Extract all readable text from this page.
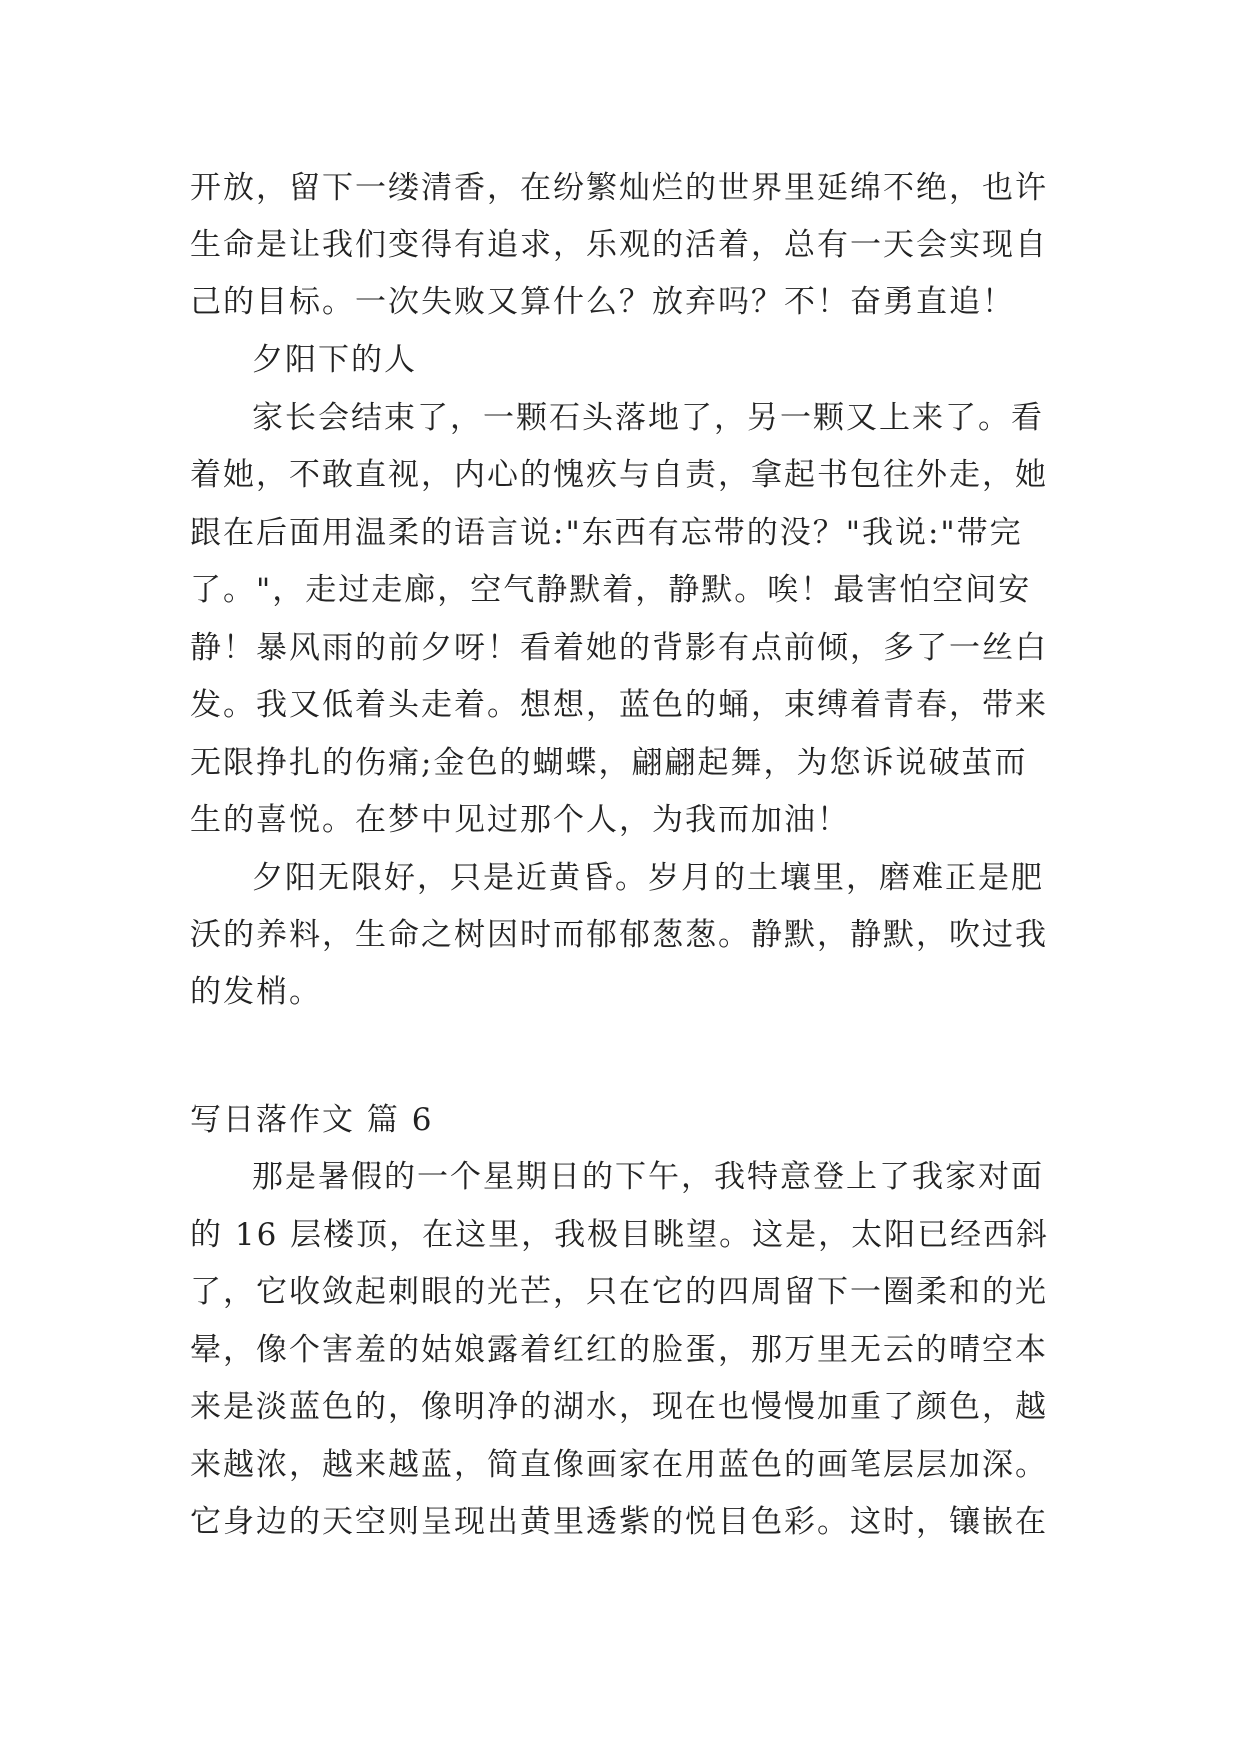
开放，留下一缕清香，在纷繁灿烂的世界里延绵不绝，也许
生命是让我们变得有追求，乐观的活着，总有一天会实现自
己的目标。一次失败又算什么？放弃吗？不！奋勇直追！
夕阳下的人
家长会结束了，一颗石头落地了，另一颗又上来了。看
着她，不敢直视，内心的愧疚与自责，拿起书包往外走，她
跟在后面用温柔的语言说:"东西有忘带的没？"我说:"带完
了。"，走过走廊，空气静默着，静默。唉！最害怕空间安
静！暴风雨的前夕呀！看着她的背影有点前倾，多了一丝白
发。我又低着头走着。想想，蓝色的蛹，束缚着青春，带来
无限挣扎的伤痛;金色的蝴蝶，翩翩起舞，为您诉说破茧而
生的喜悦。在梦中见过那个人，为我而加油！
夕阳无限好，只是近黄昏。岁月的土壤里，磨难正是肥
沃的养料，生命之树因时而郁郁葱葱。静默，静默，吹过我
的发梢。
写日落作文 篇 6
那是暑假的一个星期日的下午，我特意登上了我家对面
的 16 层楼顶，在这里，我极目眺望。这是，太阳已经西斜
了，它收敛起刺眼的光芒，只在它的四周留下一圈柔和的光
晕，像个害羞的姑娘露着红红的脸蛋，那万里无云的晴空本
来是淡蓝色的，像明净的湖水，现在也慢慢加重了颜色，越
来越浓，越来越蓝，简直像画家在用蓝色的画笔层层加深。
它身边的天空则呈现出黄里透紫的悦目色彩。这时，镶嵌在
